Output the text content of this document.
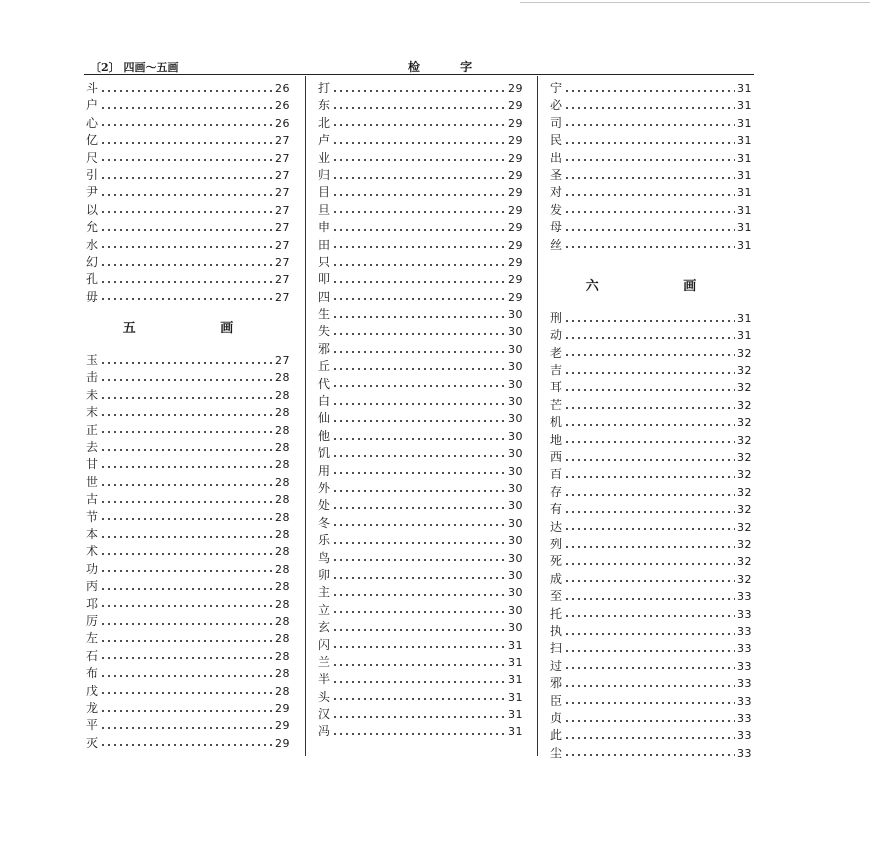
〔2〕 四画～五画	检 字
斗	26
户	26
心	26
亿	27
尺	27
引	27
尹	27
以	27
允	27
水	27
幻	27
孔	27
毋	27
五 画
玉	27
击	28
未	28
末	28
正	28
去	28
甘	28
世	28
古	28
节	28
本	28
术	28
功	28
丙	28
邛	28
厉	28
左	28
石	28
布	28
戊	28
龙	29
平	29
灭	29
打	29
东	29
北	29
卢	29
业	29
归	29
目	29
旦	29
申	29
田	29
只	29
叩	29
四	29
生	30
失	30
邪	30
丘	30
代	30
白	30
仙	30
他	30
饥	30
用	30
外	30
处	30
冬	30
乐	30
鸟	30
卯	30
主	30
立	30
玄	30
闪	31
兰	31
半	31
头	31
汉	31
冯	31
宁	31
必	31
司	31
民	31
出	31
圣	31
对	31
发	31
母	31
丝	31
六 画
刑	31
动	31
老	32
吉	32
耳	32
芒	32
机	32
地	32
西	32
百	32
存	32
有	32
达	32
列	32
死	32
成	32
至	33
托	33
执	33
扫	33
过	33
邪	33
臣	33
贞	33
此	33
尘	33
